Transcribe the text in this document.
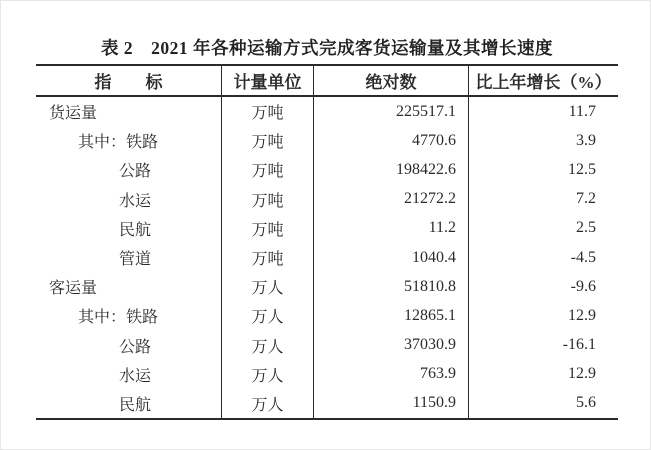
表 2　2021 年各种运输方式完成客货运输量及其增长速度
指　　标	计量单位	绝对数	比上年增长（%）
货运量	万吨	225517.1	11.7
其中：铁路	万吨	4770.6	3.9
公路	万吨	198422.6	12.5
水运	万吨	21272.2	7.2
民航	万吨	11.2	2.5
管道	万吨	1040.4	-4.5
客运量	万人	51810.8	-9.6
其中：铁路	万人	12865.1	12.9
公路	万人	37030.9	-16.1
水运	万人	763.9	12.9
民航	万人	1150.9	5.6
